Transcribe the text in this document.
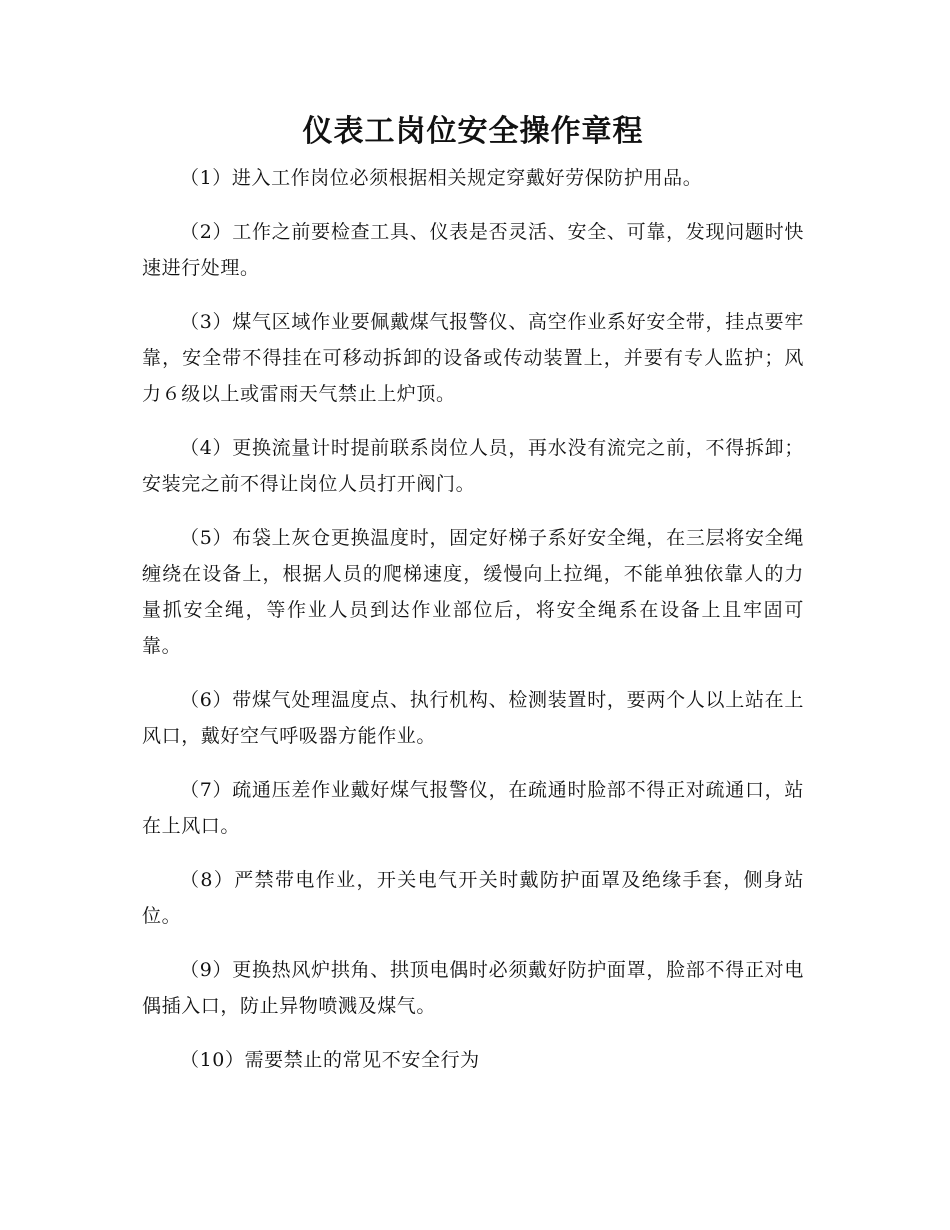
仪表工岗位安全操作章程

（1）进入工作岗位必须根据相关规定穿戴好劳保防护用品。

（2）工作之前要检查工具、仪表是否灵活、安全、可靠，发现问题时快速进行处理。

（3）煤气区域作业要佩戴煤气报警仪、高空作业系好安全带，挂点要牢靠，安全带不得挂在可移动拆卸的设备或传动装置上，并要有专人监护；风力６级以上或雷雨天气禁止上炉顶。

（4）更换流量计时提前联系岗位人员，再水没有流完之前，不得拆卸；安装完之前不得让岗位人员打开阀门。

（5）布袋上灰仓更换温度时，固定好梯子系好安全绳，在三层将安全绳缠绕在设备上，根据人员的爬梯速度，缓慢向上拉绳，不能单独依靠人的力量抓安全绳，等作业人员到达作业部位后，将安全绳系在设备上且牢固可靠。

（6）带煤气处理温度点、执行机构、检测装置时，要两个人以上站在上风口，戴好空气呼吸器方能作业。

（7）疏通压差作业戴好煤气报警仪，在疏通时脸部不得正对疏通口，站在上风口。

（8）严禁带电作业，开关电气开关时戴防护面罩及绝缘手套，侧身站位。

（9）更换热风炉拱角、拱顶电偶时必须戴好防护面罩，脸部不得正对电偶插入口，防止异物喷溅及煤气。

（10）需要禁止的常见不安全行为
